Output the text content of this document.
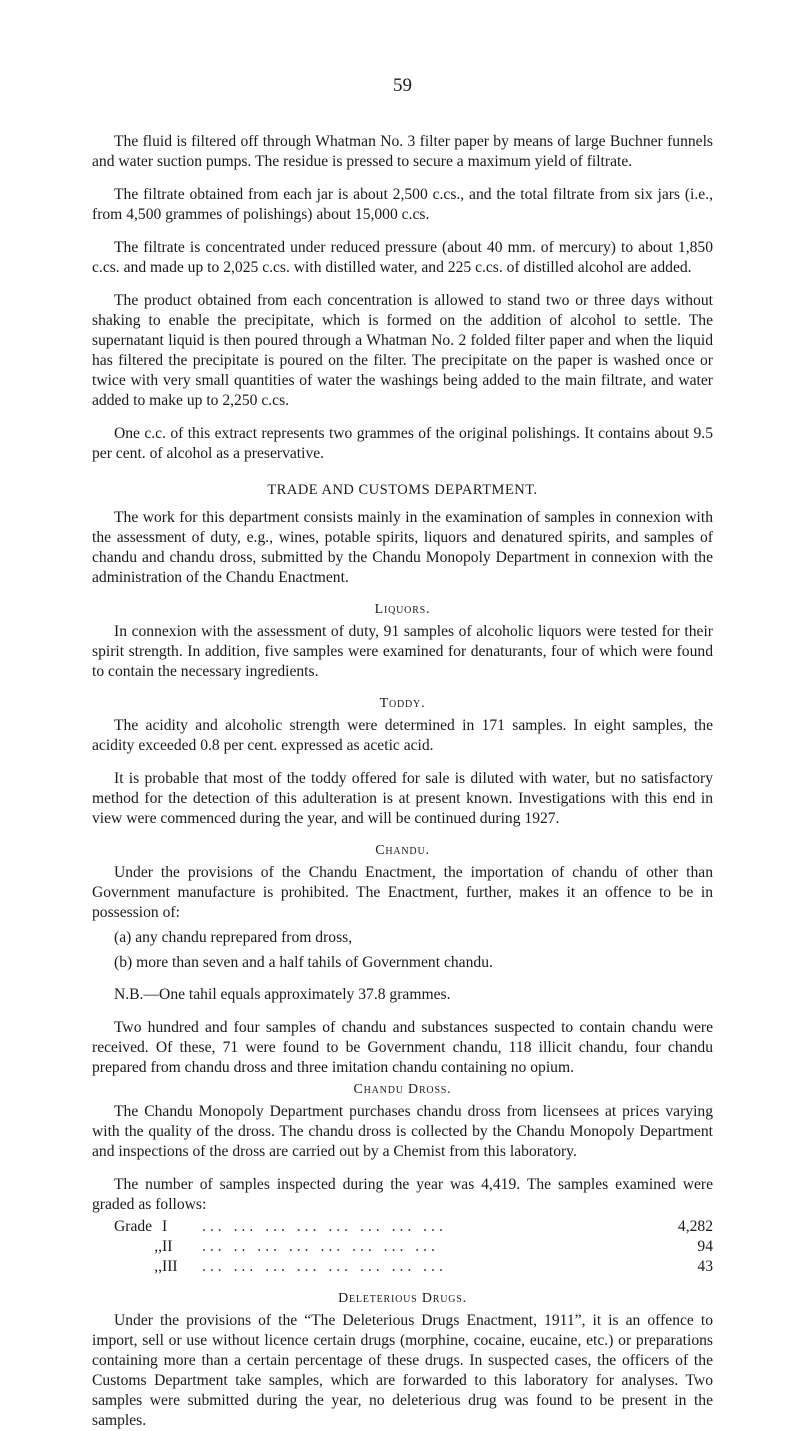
59

The fluid is filtered off through Whatman No. 3 filter paper by means of large Buchner funnels and water suction pumps. The residue is pressed to secure a maximum yield of filtrate.

The filtrate obtained from each jar is about 2,500 c.cs., and the total filtrate from six jars (i.e., from 4,500 grammes of polishings) about 15,000 c.cs.

The filtrate is concentrated under reduced pressure (about 40 mm. of mercury) to about 1,850 c.cs. and made up to 2,025 c.cs. with distilled water, and 225 c.cs. of distilled alcohol are added.

The product obtained from each concentration is allowed to stand two or three days without shaking to enable the precipitate, which is formed on the addition of alcohol to settle. The supernatant liquid is then poured through a Whatman No. 2 folded filter paper and when the liquid has filtered the precipitate is poured on the filter. The precipitate on the paper is washed once or twice with very small quantities of water the washings being added to the main filtrate, and water added to make up to 2,250 c.cs.

One c.c. of this extract represents two grammes of the original polishings. It contains about 9.5 per cent. of alcohol as a preservative.

TRADE AND CUSTOMS DEPARTMENT.

The work for this department consists mainly in the examination of samples in connexion with the assessment of duty, e.g., wines, potable spirits, liquors and denatured spirits, and samples of chandu and chandu dross, submitted by the Chandu Monopoly Department in connexion with the administration of the Chandu Enactment.

Liquors.

In connexion with the assessment of duty, 91 samples of alcoholic liquors were tested for their spirit strength. In addition, five samples were examined for denaturants, four of which were found to contain the necessary ingredients.

Toddy.

The acidity and alcoholic strength were determined in 171 samples. In eight samples, the acidity exceeded 0.8 per cent. expressed as acetic acid.

It is probable that most of the toddy offered for sale is diluted with water, but no satisfactory method for the detection of this adulteration is at present known. Investigations with this end in view were commenced during the year, and will be continued during 1927.

Chandu.

Under the provisions of the Chandu Enactment, the importation of chandu of other than Government manufacture is prohibited. The Enactment, further, makes it an offence to be in possession of:

(a) any chandu reprepared from dross,
(b) more than seven and a half tahils of Government chandu.

N.B.—One tahil equals approximately 37.8 grammes.

Two hundred and four samples of chandu and substances suspected to contain chandu were received. Of these, 71 were found to be Government chandu, 118 illicit chandu, four chandu prepared from chandu dross and three imitation chandu containing no opium.

Chandu Dross.

The Chandu Monopoly Department purchases chandu dross from licensees at prices varying with the quality of the dross. The chandu dross is collected by the Chandu Monopoly Department and inspections of the dross are carried out by a Chemist from this laboratory.

The number of samples inspected during the year was 4,419. The samples examined were graded as follows:

Grade I	... ... ... ... ... ... ... ...	4,282
,, II	... .. ... ... ... ... ... ...	94
,, III	... ... ... ... ... ... ... ...	43
Deleterious Drugs.

Under the provisions of the “The Deleterious Drugs Enactment, 1911”, it is an offence to import, sell or use without licence certain drugs (morphine, cocaine, eucaine, etc.) or preparations containing more than a certain percentage of these drugs. In suspected cases, the officers of the Customs Department take samples, which are forwarded to this laboratory for analyses. Two samples were submitted during the year, no deleterious drug was found to be present in the samples.
